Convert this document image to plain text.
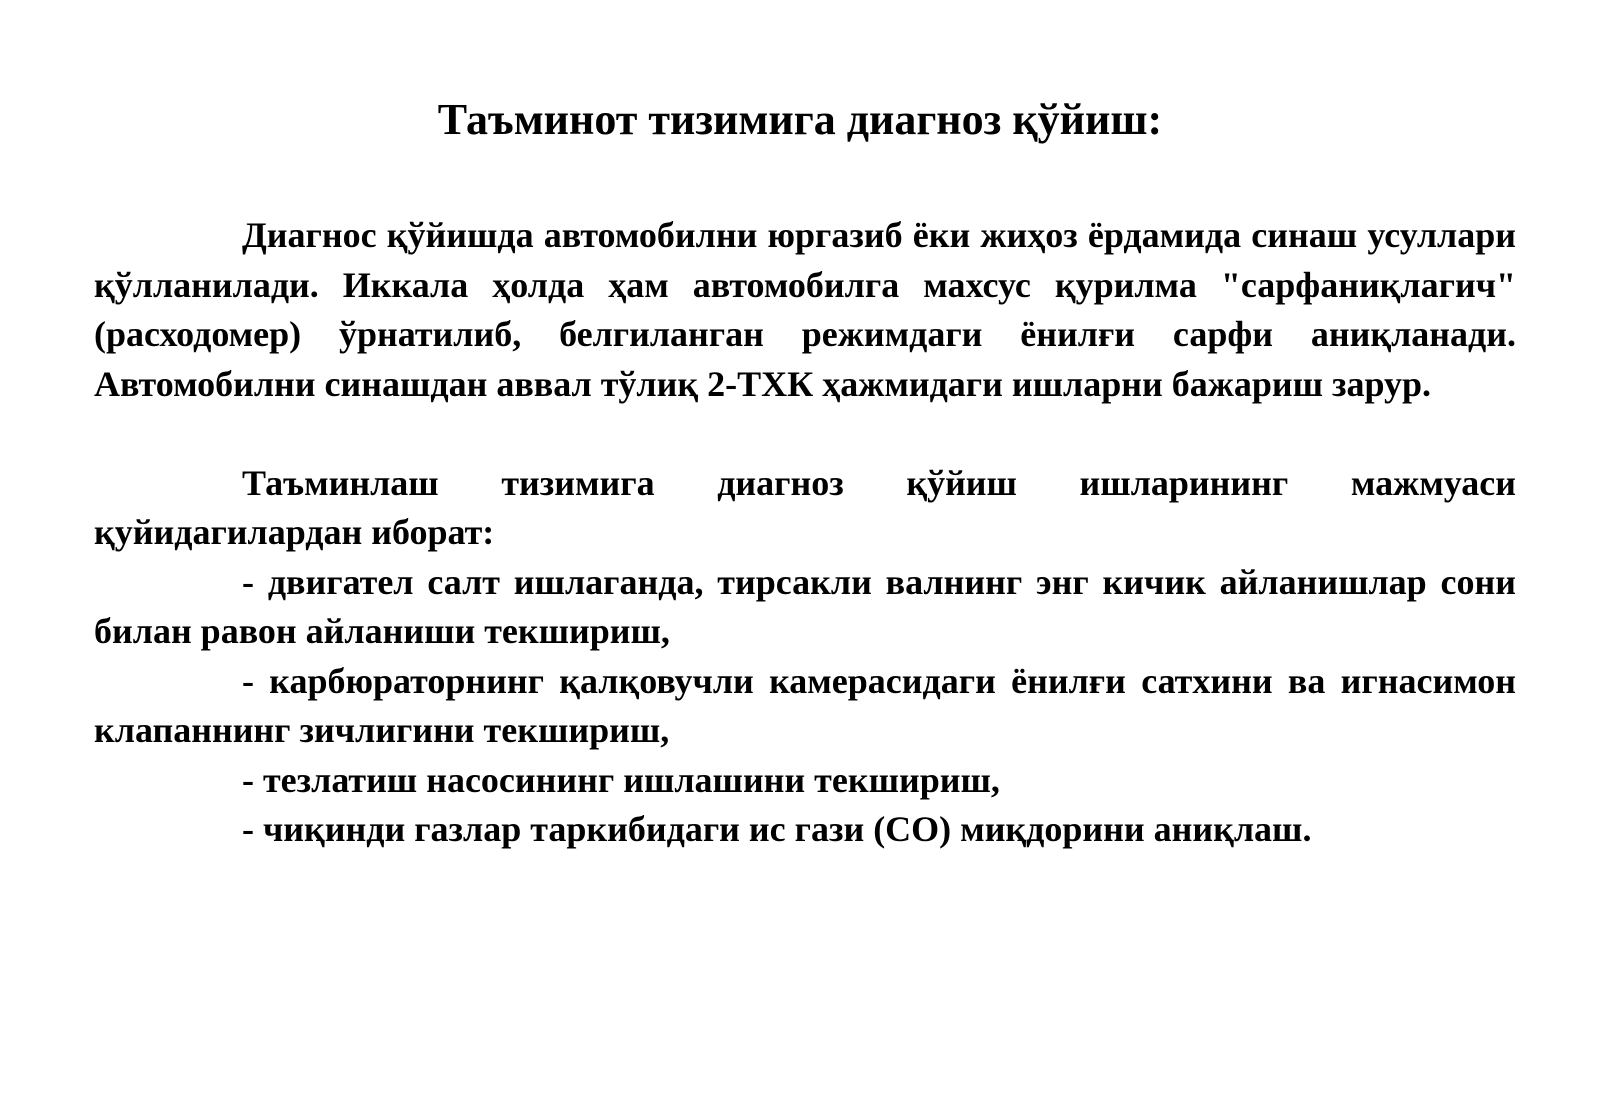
Таъминот тизимига диагноз қўйиш:

Диагнос қўйишда автомобилни юргазиб ёки жиҳоз ёрдамида синаш усуллари қўлланилади. Иккала ҳолда ҳам автомобилга махсус қурилма "сарфаниқлагич" (расходомер) ўрнатилиб, белгиланган режимдаги ёнилғи сарфи аниқланади. Автомобилни синашдан аввал тўлиқ 2-ТХК ҳажмидаги ишларни бажариш зарур.

Таъминлаш тизимига диагноз қўйиш ишларининг мажмуаси қуйидагилардан иборат:

- двигател салт ишлаганда, тирсакли валнинг энг кичик айланишлар сони билан равон айланиши текшириш,

- карбюраторнинг қалқовучли камерасидаги ёнилғи сатхини ва игнасимон клапаннинг зичлигини текшириш,

- тезлатиш насосининг ишлашини текшириш,

- чиқинди газлар таркибидаги ис гази (СО) миқдорини аниқлаш.
